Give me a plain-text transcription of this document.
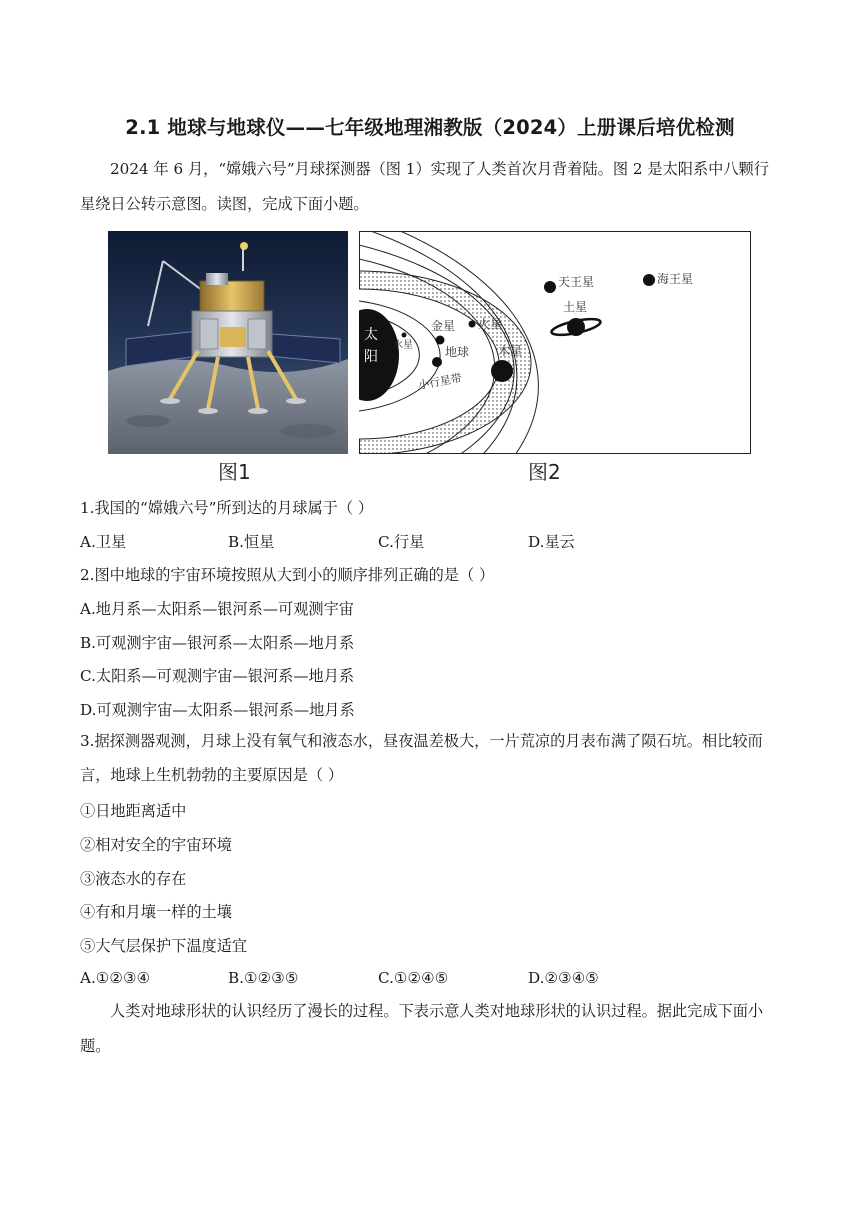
2.1 地球与地球仪——七年级地理湘教版（2024）上册课后培优检测

2024 年 6 月，“嫦娥六号”月球探测器（图 1）实现了人类首次月背着陆。图 2 是太阳系中八颗行星绕日公转示意图。读图，完成下面小题。

太
阳
水星
金星
地球
火星
小行星带
木星
土星
天王星	海王星
图1	图2
1.我国的“嫦娥六号”所到达的月球属于（ ）
A.卫星	B.恒星	C.行星	D.星云
2.图中地球的宇宙环境按照从大到小的顺序排列正确的是（ ）
A.地月系—太阳系—银河系—可观测宇宙
B.可观测宇宙—银河系—太阳系—地月系
C.太阳系—可观测宇宙—银河系—地月系
D.可观测宇宙—太阳系—银河系—地月系

3.据探测器观测，月球上没有氧气和液态水，昼夜温差极大，一片荒凉的月表布满了陨石坑。相比较而言，地球上生机勃勃的主要原因是（ ）

①日地距离适中
②相对安全的宇宙环境
③液态水的存在
④有和月壤一样的土壤
⑤大气层保护下温度适宜
A.①②③④	B.①②③⑤	C.①②④⑤	D.②③④⑤

人类对地球形状的认识经历了漫长的过程。下表示意人类对地球形状的认识过程。据此完成下面小题。
